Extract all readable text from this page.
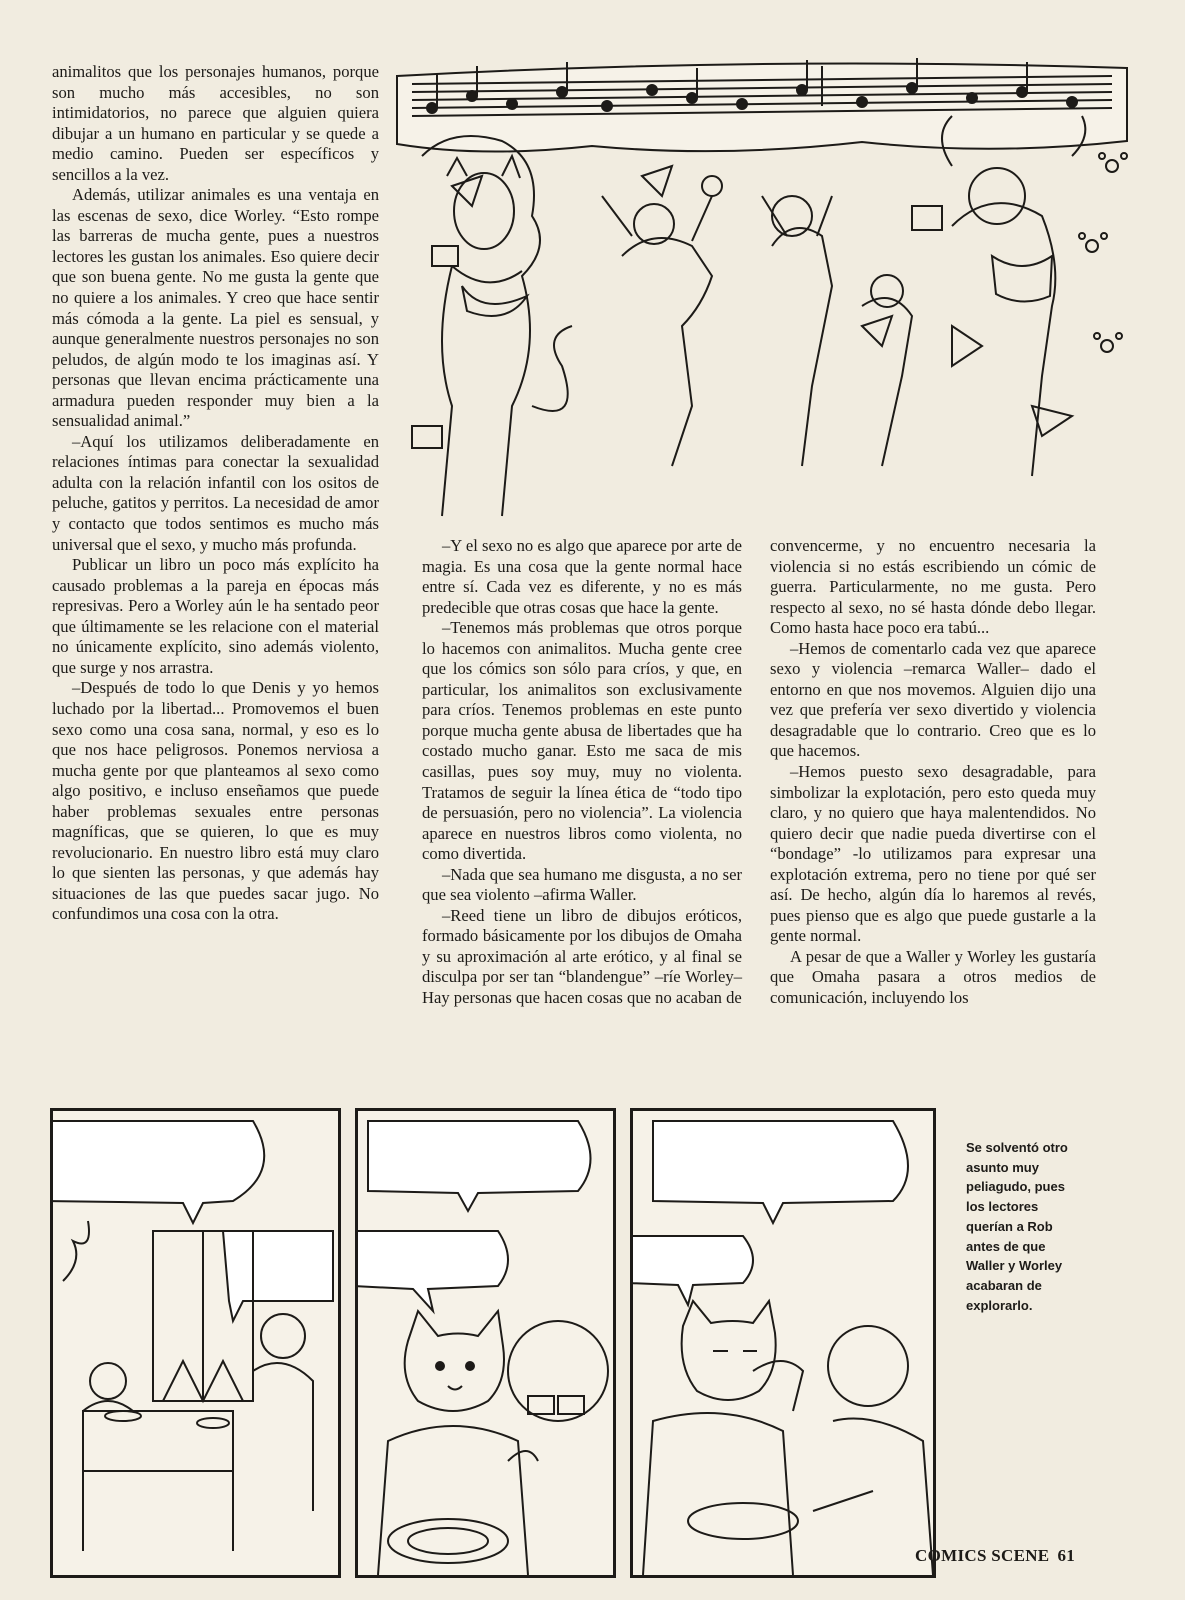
animalitos que los personajes humanos, porque son mucho más accesibles, no son intimidatorios, no parece que alguien quiera dibujar a un humano en particular y se quede a medio camino. Pueden ser específicos y sencillos a la vez.

Además, utilizar animales es una ventaja en las escenas de sexo, dice Worley. “Esto rompe las barreras de mucha gente, pues a nuestros lectores les gustan los animales. Eso quiere decir que son buena gente. No me gusta la gente que no quiere a los animales. Y creo que hace sentir más cómoda a la gente. La piel es sensual, y aunque generalmente nuestros personajes no son peludos, de algún modo te los imaginas así. Y personas que llevan encima prácticamente una armadura pueden responder muy bien a la sensualidad animal.”

–Aquí los utilizamos deliberadamente en relaciones íntimas para conectar la sexualidad adulta con la relación infantil con los ositos de peluche, gatitos y perritos. La necesidad de amor y contacto que todos sentimos es mucho más universal que el sexo, y mucho más profunda.

Publicar un libro un poco más explícito ha causado problemas a la pareja en épocas más represivas. Pero a Worley aún le ha sentado peor que últimamente se les relacione con el material no únicamente explícito, sino además violento, que surge y nos arrastra.

–Después de todo lo que Denis y yo hemos luchado por la libertad... Promovemos el buen sexo como una cosa sana, normal, y eso es lo que nos hace peligrosos. Ponemos nerviosa a mucha gente por que planteamos al sexo como algo positivo, e incluso enseñamos que puede haber problemas sexuales entre personas magníficas, que se quieren, lo que es muy revolucionario. En nuestro libro está muy claro lo que sienten las personas, y que además hay situaciones de las que puedes sacar jugo. No confundimos una cosa con la otra.

–Y el sexo no es algo que aparece por arte de magia. Es una cosa que la gente normal hace entre sí. Cada vez es diferente, y no es más predecible que otras cosas que hace la gente.

–Tenemos más problemas que otros porque lo hacemos con animalitos. Mucha gente cree que los cómics son sólo para críos, y que, en particular, los animalitos son exclusivamente para críos. Tenemos problemas en este punto porque mucha gente abusa de libertades que ha costado mucho ganar. Esto me saca de mis casillas, pues soy muy, muy no violenta. Tratamos de seguir la línea ética de “todo tipo de persuasión, pero no violencia”. La violencia aparece en nuestros libros como violenta, no como divertida.

–Nada que sea humano me disgusta, a no ser que sea violento –afirma Waller.

–Reed tiene un libro de dibujos eróticos, formado básicamente por los dibujos de Omaha y su aproximación al arte erótico, y al final se disculpa por ser tan “blandengue” –ríe Worley– Hay personas que hacen cosas que no acaban de

convencerme, y no encuentro necesaria la violencia si no estás escribiendo un cómic de guerra. Particularmente, no me gusta. Pero respecto al sexo, no sé hasta dónde debo llegar. Como hasta hace poco era tabú...

–Hemos de comentarlo cada vez que aparece sexo y violencia –remarca Waller– dado el entorno en que nos movemos. Alguien dijo una vez que prefería ver sexo divertido y violencia desagradable que lo contrario. Creo que es lo que hacemos.

–Hemos puesto sexo desagradable, para simbolizar la explotación, pero esto queda muy claro, y no quiero que haya malentendidos. No quiero decir que nadie pueda divertirse con el “bondage” -lo utilizamos para expresar una explotación extrema, pero no tiene por qué ser así. De hecho, algún día lo haremos al revés, pues pienso que es algo que puede gustarle a la gente normal.

A pesar de que a Waller y Worley les gustaría que Omaha pasara a otros medios de comunicación, incluyendo los

Se solventó otro asunto muy peliagudo, pues los lectores querían a Rob antes de que Waller y Worley acabaran de explorarlo.
COMICS SCENE 61
